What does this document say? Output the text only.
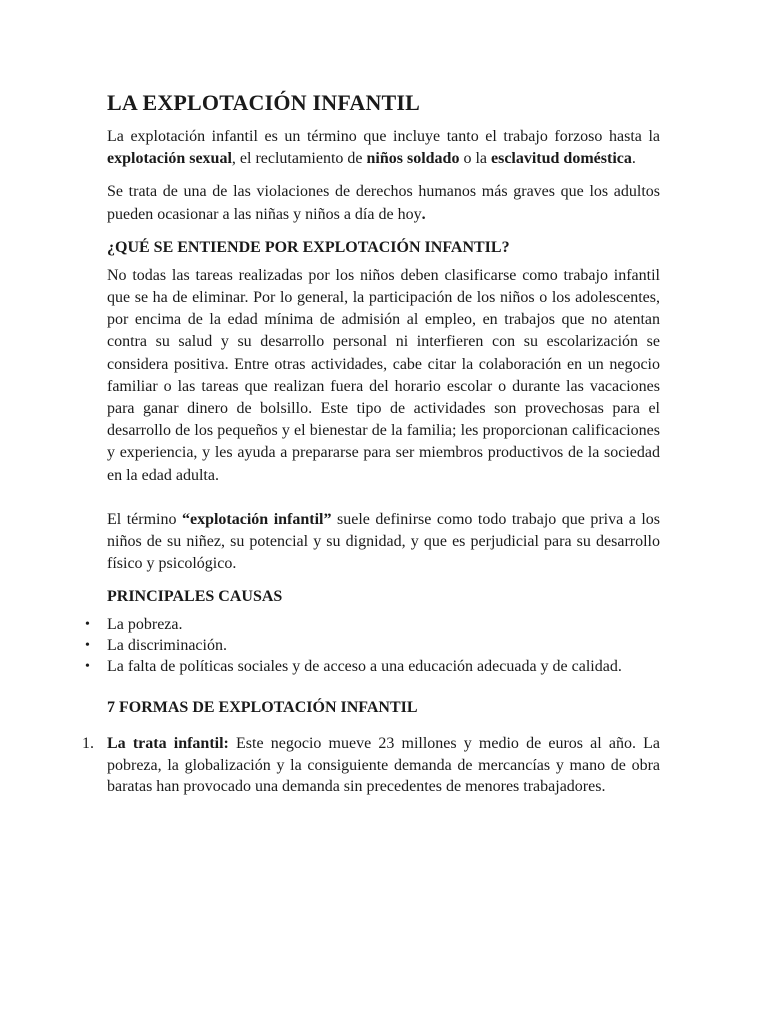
LA EXPLOTACIÓN INFANTIL

La explotación infantil es un término que incluye tanto el trabajo forzoso hasta la explotación sexual, el reclutamiento de niños soldado o la esclavitud doméstica.

Se trata de una de las violaciones de derechos humanos más graves que los adultos pueden ocasionar a las niñas y niños a día de hoy.

¿QUÉ SE ENTIENDE POR EXPLOTACIÓN INFANTIL?

No todas las tareas realizadas por los niños deben clasificarse como trabajo infantil que se ha de eliminar. Por lo general, la participación de los niños o los adolescentes, por encima de la edad mínima de admisión al empleo, en trabajos que no atentan contra su salud y su desarrollo personal ni interfieren con su escolarización se considera positiva. Entre otras actividades, cabe citar la colaboración en un negocio familiar o las tareas que realizan fuera del horario escolar o durante las vacaciones para ganar dinero de bolsillo. Este tipo de actividades son provechosas para el desarrollo de los pequeños y el bienestar de la familia; les proporcionan calificaciones y experiencia, y les ayuda a prepararse para ser miembros productivos de la sociedad en la edad adulta.

El término “explotación infantil” suele definirse como todo trabajo que priva a los niños de su niñez, su potencial y su dignidad, y que es perjudicial para su desarrollo físico y psicológico.

PRINCIPALES CAUSAS
• La pobreza.
• La discriminación.
• La falta de políticas sociales y de acceso a una educación adecuada y de calidad.
7 FORMAS DE EXPLOTACIÓN INFANTIL
1. La trata infantil: Este negocio mueve 23 millones y medio de euros al año. La pobreza, la globalización y la consiguiente demanda de mercancías y mano de obra baratas han provocado una demanda sin precedentes de menores trabajadores.
